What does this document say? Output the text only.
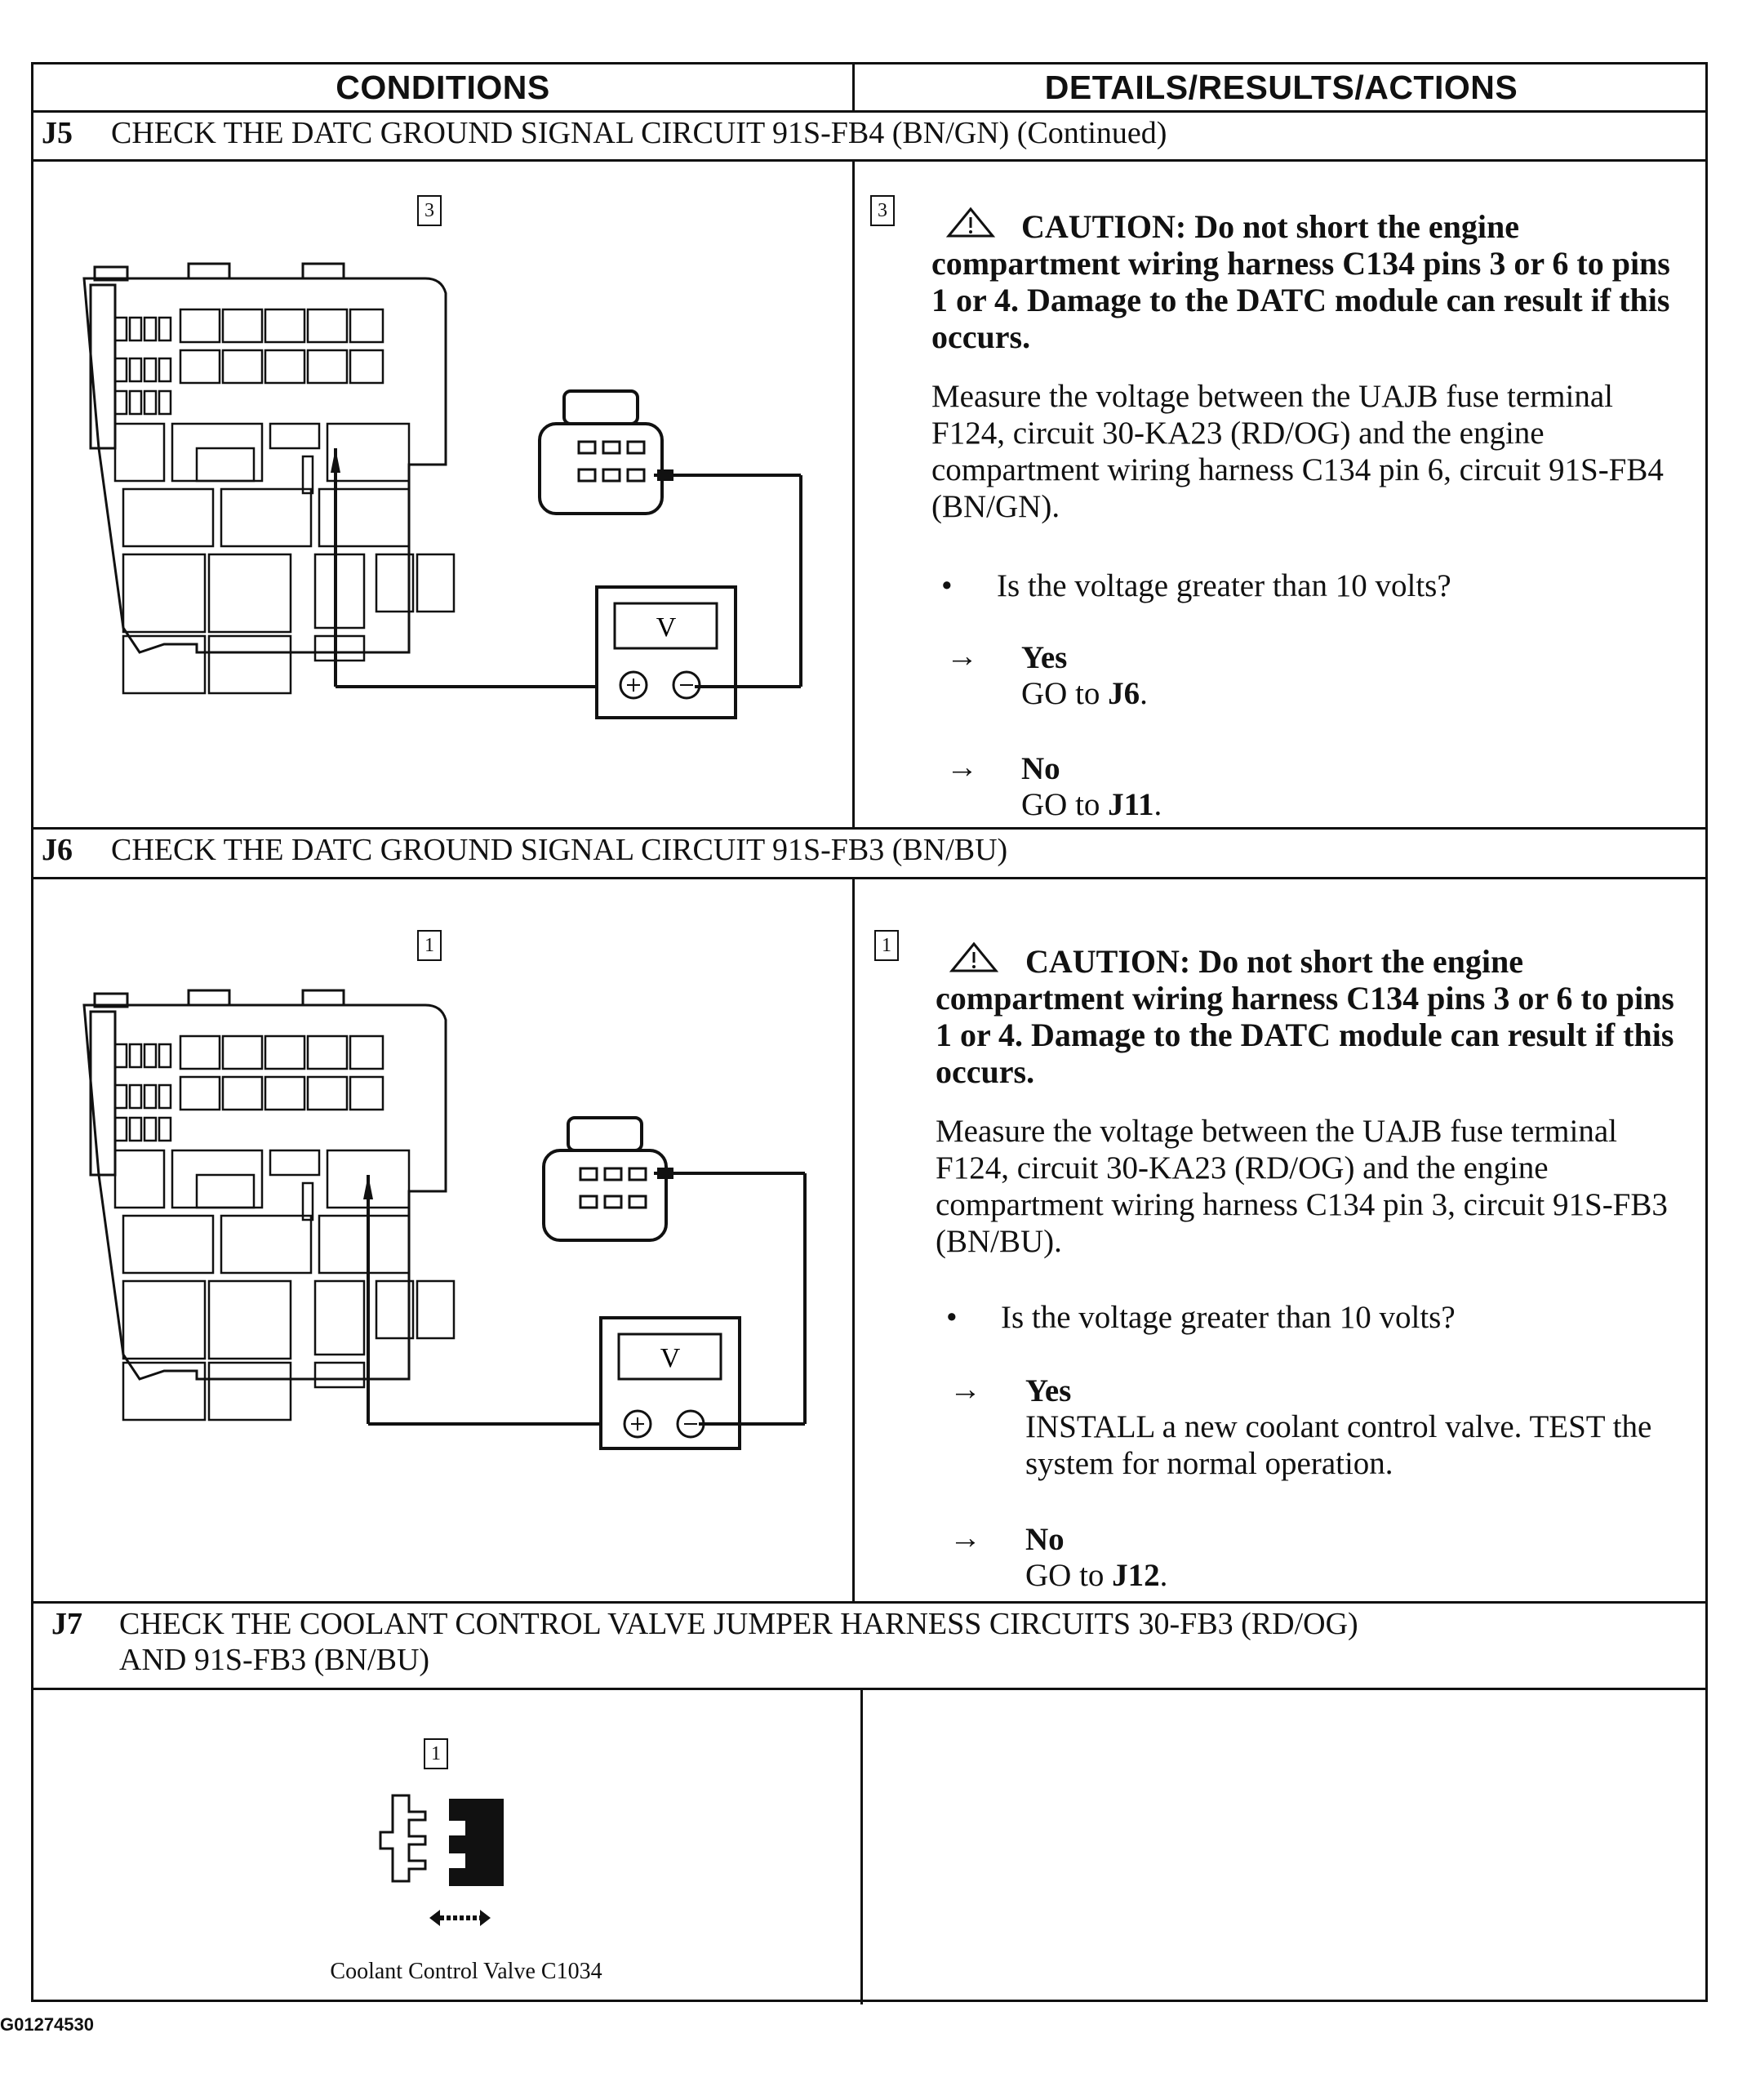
CONDITIONS	DETAILS/RESULTS/ACTIONS
J5 CHECK THE DATC GROUND SIGNAL CIRCUIT 91S-FB4 (BN/GN) (Continued)
3
V
3	CAUTION: Do not short the engine compartment wiring harness C134 pins 3 or 6 to pins 1 or 4. Damage to the DATC module can result if this occurs.
Measure the voltage between the UAJB fuse terminal F124, circuit 30-KA23 (RD/OG) and the engine compartment wiring harness C134 pin 6, circuit 91S-FB4 (BN/GN).
• Is the voltage greater than 10 volts?
→ Yes
GO to J6.
→ No
GO to J11.
J6 CHECK THE DATC GROUND SIGNAL CIRCUIT 91S-FB3 (BN/BU)
1
V
1	CAUTION: Do not short the engine compartment wiring harness C134 pins 3 or 6 to pins 1 or 4. Damage to the DATC module can result if this occurs.
Measure the voltage between the UAJB fuse terminal F124, circuit 30-KA23 (RD/OG) and the engine compartment wiring harness C134 pin 3, circuit 91S-FB3 (BN/BU).
• Is the voltage greater than 10 volts?
→ Yes
INSTALL a new coolant control valve. TEST the system for normal operation.
→ No
GO to J12.
J7 CHECK THE COOLANT CONTROL VALVE JUMPER HARNESS CIRCUITS 30-FB3 (RD/OG)
AND 91S-FB3 (BN/BU)
1
Coolant Control Valve C1034
G01274530
